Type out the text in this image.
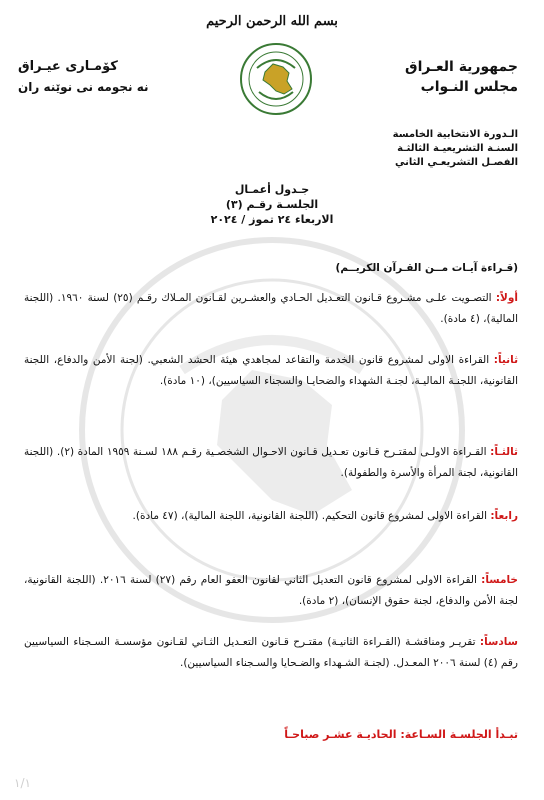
بسم الله الرحمن الرحيم
جمهورية العـراق
مجلس النـواب
كۆمـارى عيـراق
نه نجومه نى نوێنه ران
الـدورة الانتخابية الخامسة
السنـة التشريعيـة الثالثـة
الفصـل التشريعـي الثاني
جـدول أعمـال
الجلسـة رقـم (٣)
الاربعاء ٢٤ تموز / ٢٠٢٤
(قـراءة آيـات مــن القـرآن الكريــم)
أولاً: التصـويت علـى مشـروع قـانون التعـديل الحـادي والعشـرين لقـانون المـلاك رقـم (٢٥) لسنة ١٩٦٠. (اللجنة المالية)، (٤ مادة).
ثانياً: القراءة الاولى لمشروع قانون الخدمة والتقاعد لمجاهدي هيئة الحشد الشعبي. (لجنة الأمن والدفاع، اللجنة القانونية، اللجنـة الماليـة، لجنـة الشهداء والضحايـا والسجناء السياسيين)، (١٠ مادة).
ثالثـاً: القـراءة الاولـى لمقتـرح قـانون تعـديل قـانون الاحـوال الشخصـية رقـم ١٨٨ لسـنة ١٩٥٩ المادة (٢). (اللجنة القانونية، لجنة المرأة والأسرة والطفولة).
رابعاً: القراءة الاولى لمشروع قانون التحكيم. (اللجنة القانونية، اللجنة المالية)، (٤٧ مادة).
خامساً: القراءة الاولى لمشروع قانون التعديل الثاني لقانون العفو العام رقم (٢٧) لسنة ٢٠١٦. (اللجنة القانونية، لجنة الأمن والدفاع، لجنة حقوق الإنسان)، (٢ مادة).
سادساً: تقريـر ومناقشـة (القـراءة الثانيـة) مقتـرح قـانون التعـديل الثـاني لقـانون مؤسسـة السـجناء السياسيين رقم (٤) لسنة ٢٠٠٦ المعـدل. (لجنـة الشـهداء والضـحايا والسـجناء السياسيين).
تبـدأ الجلسـة السـاعة: الحاديـة عشـر صباحـاً
١/١
